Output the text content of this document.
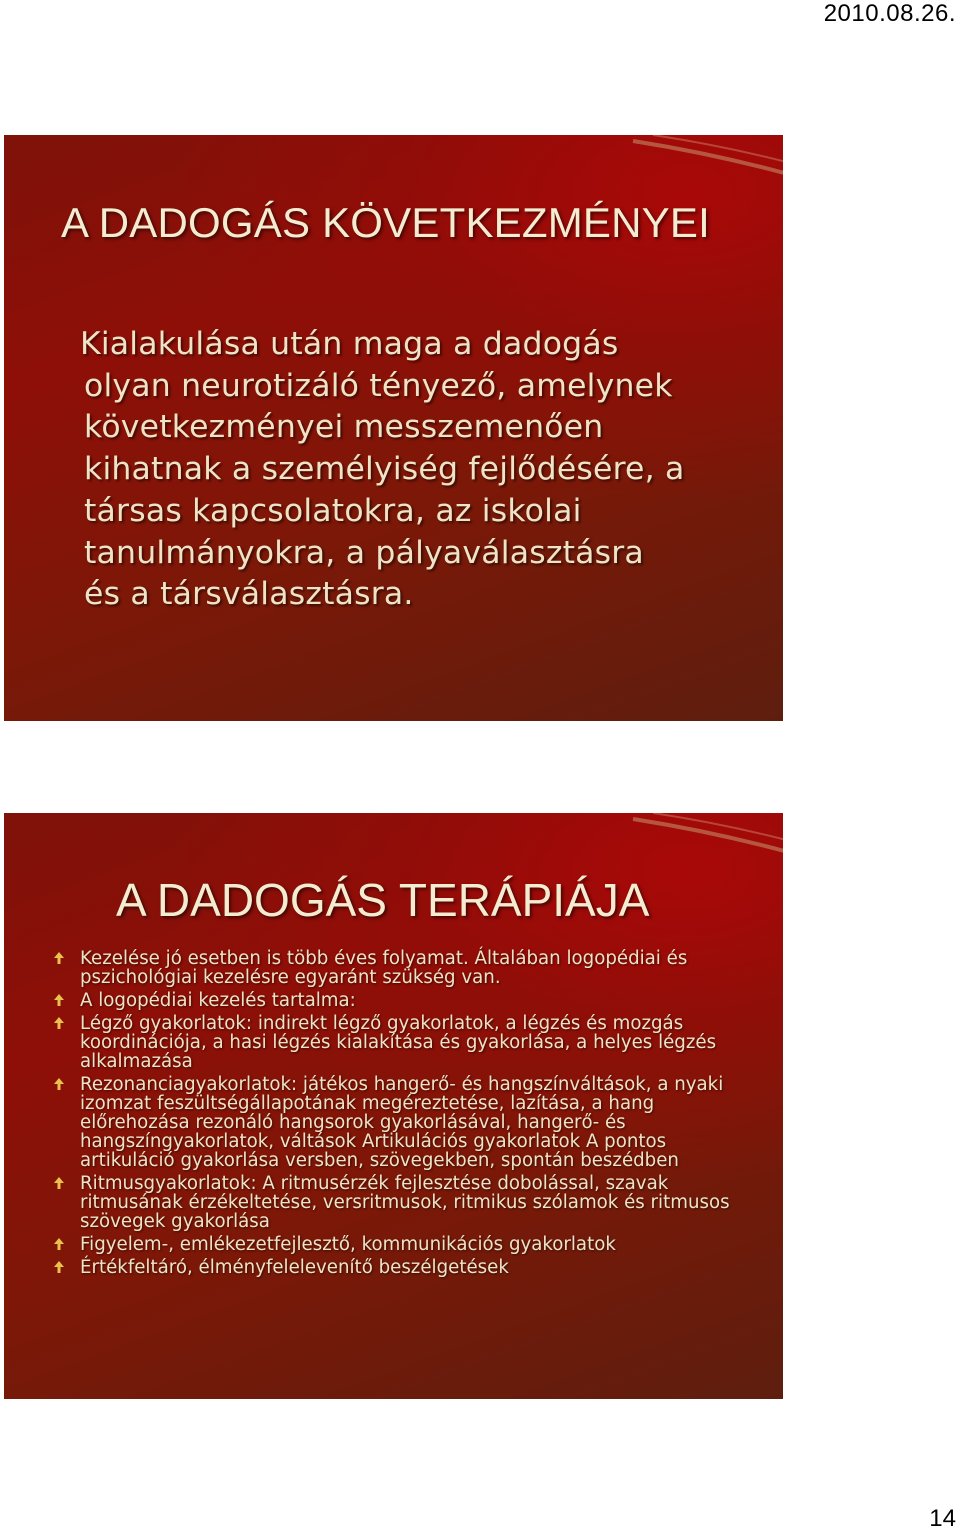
2010.08.26.
A DADOGÁS KÖVETKEZMÉNYEI

Kialakulása után maga a dadogás
olyan neurotizáló tényező, amelynek
következményei messzemenően
kihatnak a személyiség fejlődésére, a
társas kapcsolatokra, az iskolai
tanulmányokra, a pályaválasztásra
és a társválasztásra.

A DADOGÁS TERÁPIÁJA
Kezelése jó esetben is több éves folyamat. Általában logopédiai és pszichológiai kezelésre egyaránt szükség van.
A logopédiai kezelés tartalma:
Légző gyakorlatok: indirekt légző gyakorlatok, a légzés és mozgás koordinációja, a hasi légzés kialakítása és gyakorlása, a helyes légzés alkalmazása
Rezonanciagyakorlatok: játékos hangerő- és hangszínváltások, a nyaki izomzat feszültségállapotának megéreztetése, lazítása, a hang előrehozása rezonáló hangsorok gyakorlásával, hangerő- és hangszíngyakorlatok, váltások Artikulációs gyakorlatok A pontos artikuláció gyakorlása versben, szövegekben, spontán beszédben
Ritmusgyakorlatok: A ritmusérzék fejlesztése dobolással, szavak ritmusának érzékeltetése, versritmusok, ritmikus szólamok és ritmusos szövegek gyakorlása
Figyelem-, emlékezetfejlesztő, kommunikációs gyakorlatok
Értékfeltáró, élményfelelevenítő beszélgetések
14
